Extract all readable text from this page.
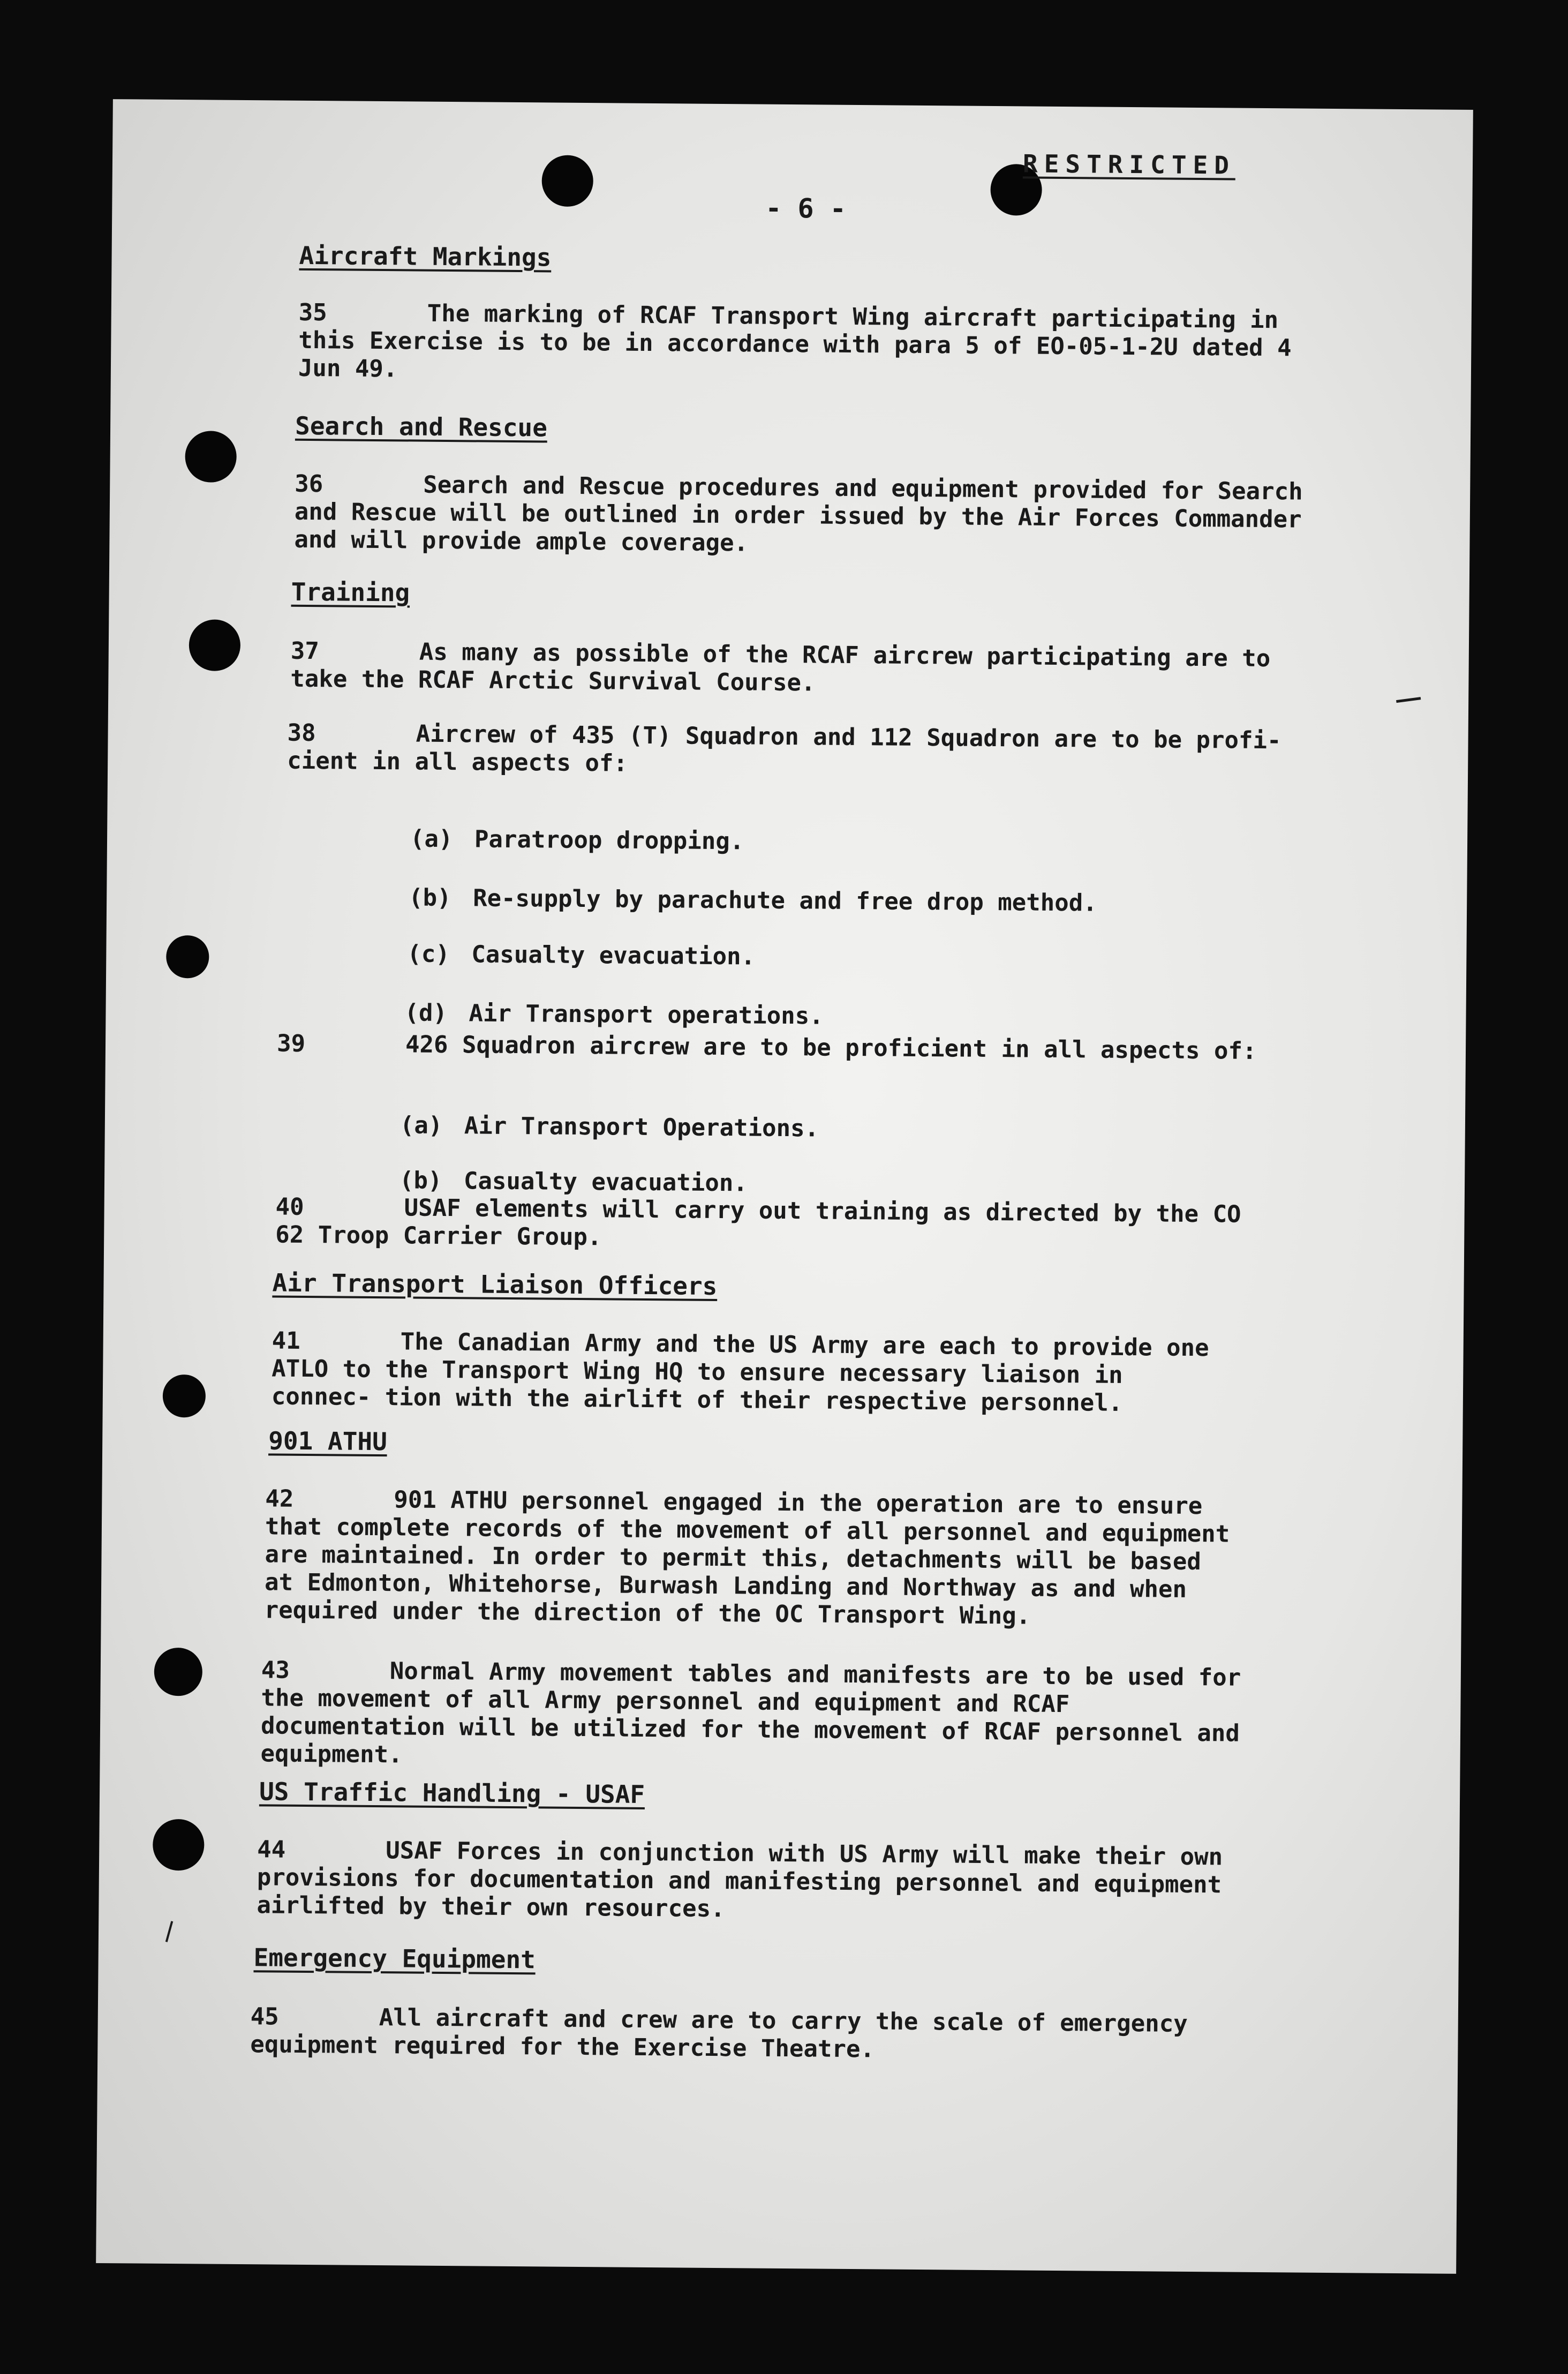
RESTRICTED
- 6 -
Aircraft Markings
35	The marking of RCAF Transport Wing aircraft participating in this Exercise is to be in accordance with para 5 of EO-05-1-2U dated 4 Jun 49.
Search and Rescue
36	Search and Rescue procedures and equipment provided for Search and Rescue will be outlined in order issued by the Air Forces Commander and will provide ample coverage.
Training
37	As many as possible of the RCAF aircrew participating are to take the RCAF Arctic Survival Course.
38	Aircrew of 435 (T) Squadron and 112 Squadron are to be profi- cient in all aspects of:

(a) Paratroop dropping.

(b) Re-supply by parachute and free drop method.

(c) Casualty evacuation.

(d) Air Transport operations.

39	426 Squadron aircrew are to be proficient in all aspects of:

(a) Air Transport Operations.

(b) Casualty evacuation.

40	USAF elements will carry out training as directed by the CO 62 Troop Carrier Group.
Air Transport Liaison Officers
41	The Canadian Army and the US Army are each to provide one ATLO to the Transport Wing HQ to ensure necessary liaison in connec- tion with the airlift of their respective personnel.
901 ATHU
42	901 ATHU personnel engaged in the operation are to ensure that complete records of the movement of all personnel and equipment are maintained. In order to permit this, detachments will be based at Edmonton, Whitehorse, Burwash Landing and Northway as and when required under the direction of the OC Transport Wing.
43	Normal Army movement tables and manifests are to be used for the movement of all Army personnel and equipment and RCAF documentation will be utilized for the movement of RCAF personnel and equipment.
US Traffic Handling - USAF
44	USAF Forces in conjunction with US Army will make their own provisions for documentation and manifesting personnel and equipment airlifted by their own resources.
Emergency Equipment
45	All aircraft and crew are to carry the scale of emergency equipment required for the Exercise Theatre.
